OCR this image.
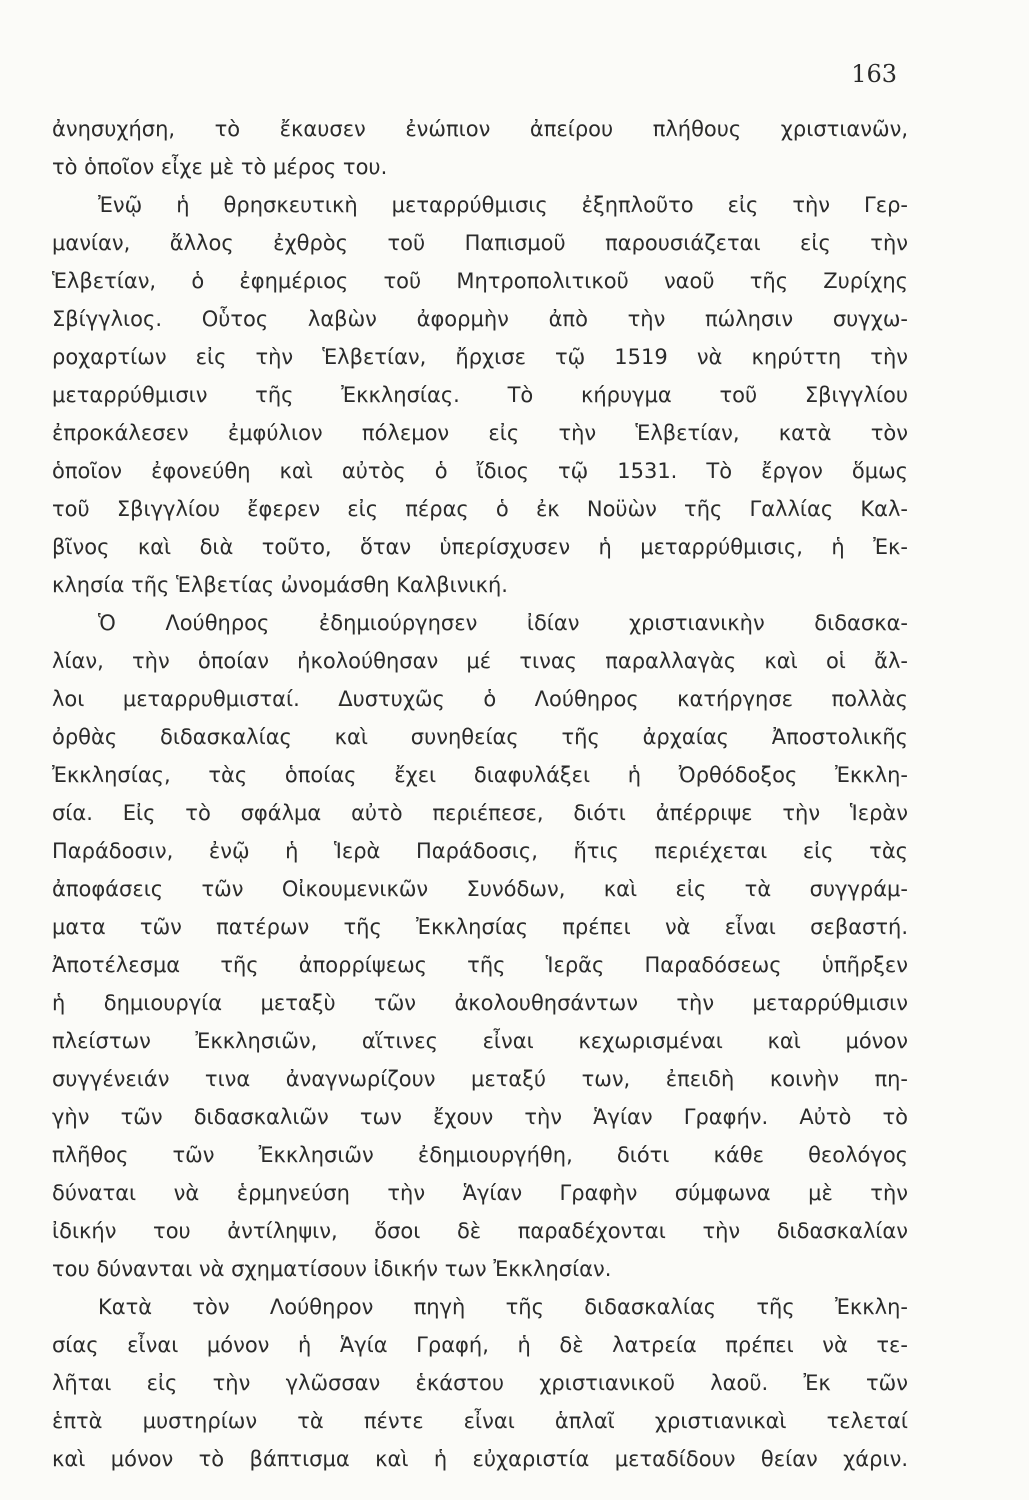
163
ἀνησυχήση, τὸ ἔκαυσεν ἐνώπιον ἀπείρου πλήθους χριστιανῶν,
τὸ ὁποῖον εἶχε μὲ τὸ μέρος του.
Ἐνῷ ἡ θρησκευτικὴ μεταρρύθμισις ἐξηπλοῦτο εἰς τὴν Γερ-
μανίαν, ἄλλος ἐχθρὸς τοῦ Παπισμοῦ παρουσιάζεται εἰς τὴν
Ἑλβετίαν, ὁ ἐφημέριος τοῦ Μητροπολιτικοῦ ναοῦ τῆς Ζυρίχης
Σβίγγλιος. Οὗτος λαβὼν ἀφορμὴν ἀπὸ τὴν πώλησιν συγχω-
ροχαρτίων εἰς τὴν Ἑλβετίαν, ἤρχισε τῷ 1519 νὰ κηρύττη τὴν
μεταρρύθμισιν τῆς Ἐκκλησίας. Τὸ κήρυγμα τοῦ Σβιγγλίου
ἐπροκάλεσεν ἐμφύλιον πόλεμον εἰς τὴν Ἑλβετίαν, κατὰ τὸν
ὁποῖον ἐφονεύθη καὶ αὐτὸς ὁ ἴδιος τῷ 1531. Τὸ ἔργον ὅμως
τοῦ Σβιγγλίου ἔφερεν εἰς πέρας ὁ ἐκ Νοϋὼν τῆς Γαλλίας Καλ-
βῖνος καὶ διὰ τοῦτο, ὅταν ὑπερίσχυσεν ἡ μεταρρύθμισις, ἡ Ἐκ-
κλησία τῆς Ἑλβετίας ὠνομάσθη Καλβινική.
Ὁ Λούθηρος ἐδημιούργησεν ἰδίαν χριστιανικὴν διδασκα-
λίαν, τὴν ὁποίαν ἠκολούθησαν μέ τινας παραλλαγὰς καὶ οἱ ἄλ-
λοι μεταρρυθμισταί. Δυστυχῶς ὁ Λούθηρος κατήργησε πολλὰς
ὀρθὰς διδασκαλίας καὶ συνηθείας τῆς ἀρχαίας Ἀποστολικῆς
Ἐκκλησίας, τὰς ὁποίας ἔχει διαφυλάξει ἡ Ὀρθόδοξος Ἐκκλη-
σία. Εἰς τὸ σφάλμα αὐτὸ περιέπεσε, διότι ἀπέρριψε τὴν Ἱερὰν
Παράδοσιν, ἐνῷ ἡ Ἱερὰ Παράδοσις, ἥτις περιέχεται εἰς τὰς
ἀποφάσεις τῶν Οἰκουμενικῶν Συνόδων, καὶ εἰς τὰ συγγράμ-
ματα τῶν πατέρων τῆς Ἐκκλησίας πρέπει νὰ εἶναι σεβαστή.
Ἀποτέλεσμα τῆς ἀπορρίψεως τῆς Ἱερᾶς Παραδόσεως ὑπῆρξεν
ἡ δημιουργία μεταξὺ τῶν ἀκολουθησάντων τὴν μεταρρύθμισιν
πλείστων Ἐκκλησιῶν, αἵτινες εἶναι κεχωρισμέναι καὶ μόνον
συγγένειάν τινα ἀναγνωρίζουν μεταξύ των, ἐπειδὴ κοινὴν πη-
γὴν τῶν διδασκαλιῶν των ἔχουν τὴν Ἁγίαν Γραφήν. Αὐτὸ τὸ
πλῆθος τῶν Ἐκκλησιῶν ἐδημιουργήθη, διότι κάθε θεολόγος
δύναται νὰ ἑρμηνεύση τὴν Ἁγίαν Γραφὴν σύμφωνα μὲ τὴν
ἰδικήν του ἀντίληψιν, ὅσοι δὲ παραδέχονται τὴν διδασκαλίαν
του δύνανται νὰ σχηματίσουν ἰδικήν των Ἐκκλησίαν.
Κατὰ τὸν Λούθηρον πηγὴ τῆς διδασκαλίας τῆς Ἐκκλη-
σίας εἶναι μόνον ἡ Ἁγία Γραφή, ἡ δὲ λατρεία πρέπει νὰ τε-
λῆται εἰς τὴν γλῶσσαν ἑκάστου χριστιανικοῦ λαοῦ. Ἐκ τῶν
ἑπτὰ μυστηρίων τὰ πέντε εἶναι ἁπλαῖ χριστιανικαὶ τελεταί
καὶ μόνον τὸ βάπτισμα καὶ ἡ εὐχαριστία μεταδίδουν θείαν χάριν.
